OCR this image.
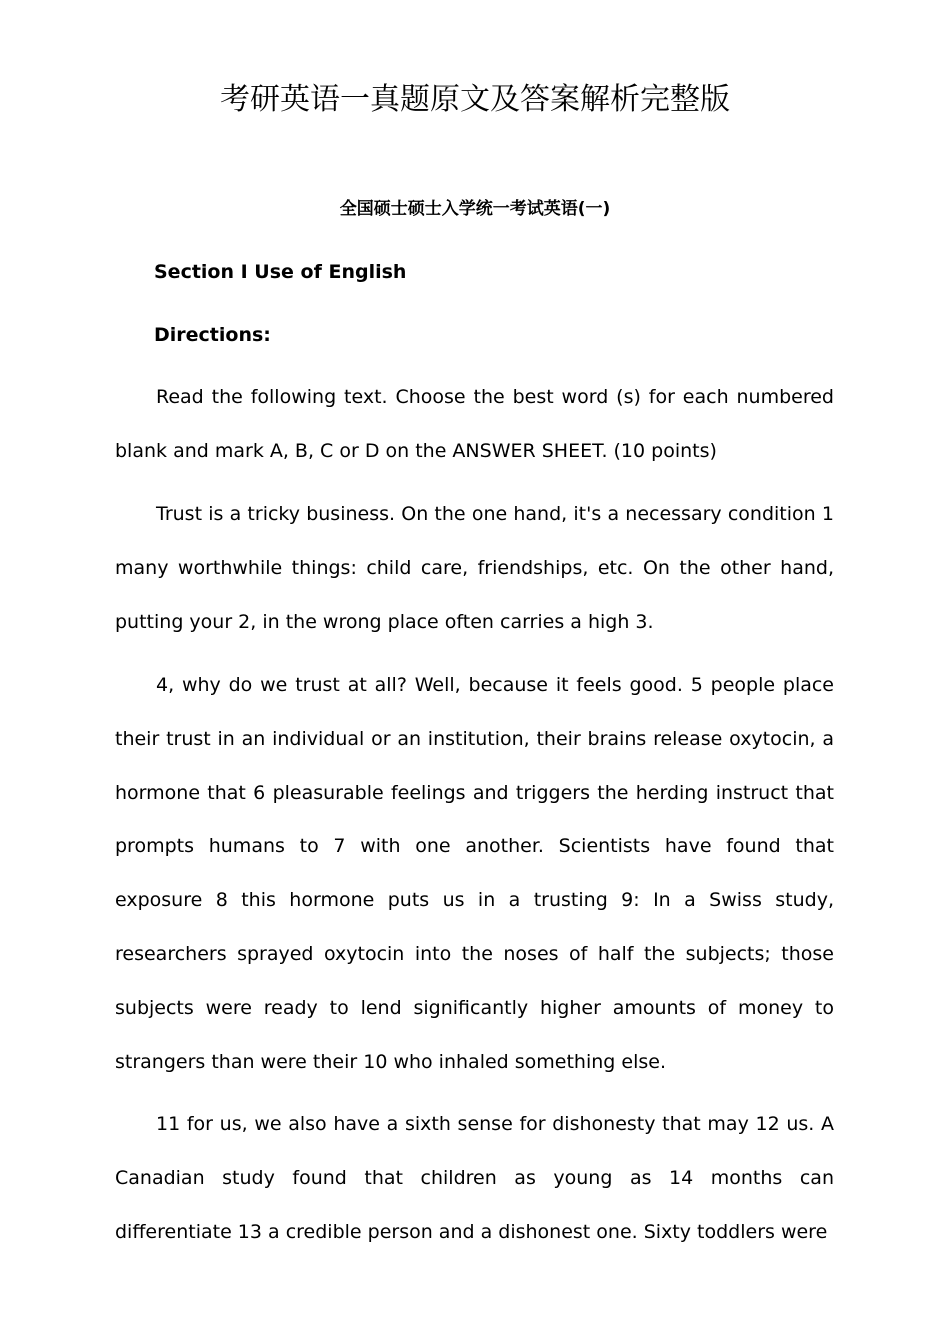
考研英语一真题原文及答案解析完整版
全国硕士硕士入学统一考试英语(一)
Section I Use of English
Directions:

Read the following text. Choose the best word (s) for each numbered blank and mark A, B, C or D on the ANSWER SHEET. (10 points)

Trust is a tricky business. On the one hand, it's a necessary condition 1 many worthwhile things: child care, friendships, etc. On the other hand, putting your 2, in the wrong place often carries a high 3.

4, why do we trust at all? Well, because it feels good. 5 people place their trust in an individual or an institution, their brains release oxytocin, a hormone that 6 pleasurable feelings and triggers the herding instruct that prompts humans to 7 with one another. Scientists have found that exposure 8 this hormone puts us in a trusting 9: In a Swiss study, researchers sprayed oxytocin into the noses of half the subjects; those subjects were ready to lend significantly higher amounts of money to strangers than were their 10 who inhaled something else.

11 for us, we also have a sixth sense for dishonesty that may 12 us. A Canadian study found that children as young as 14 months can differentiate 13 a credible person and a dishonest one. Sixty toddlers were
